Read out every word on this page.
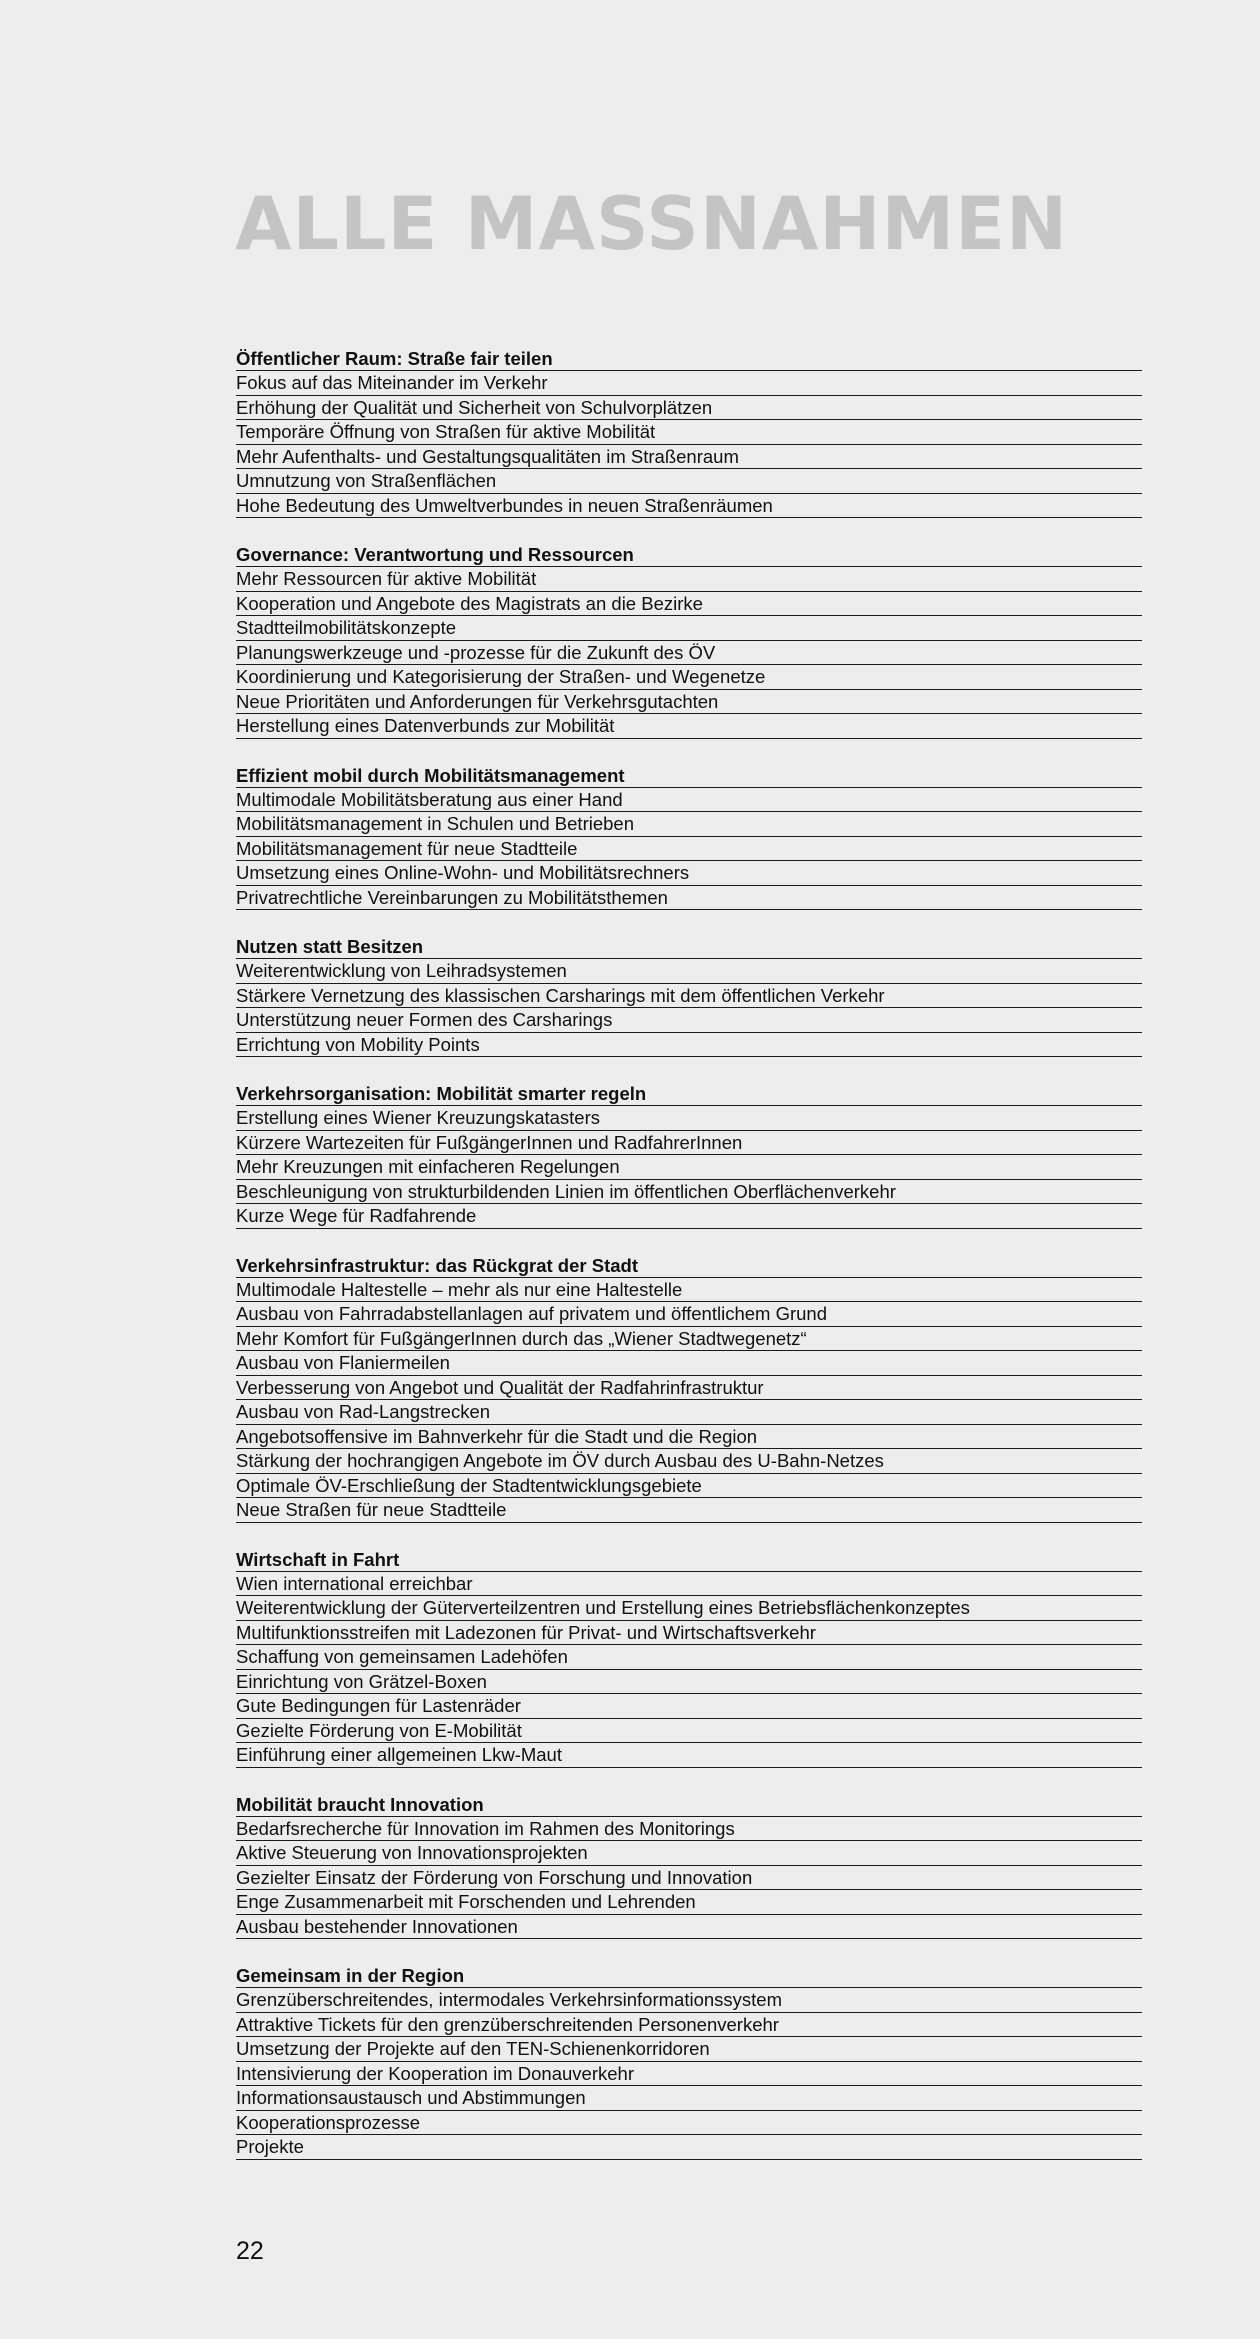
ALLE MASSNAHMEN
Öffentlicher Raum: Straße fair teilen
Fokus auf das Miteinander im Verkehr
Erhöhung der Qualität und Sicherheit von Schulvorplätzen
Temporäre Öffnung von Straßen für aktive Mobilität
Mehr Aufenthalts- und Gestaltungsqualitäten im Straßenraum
Umnutzung von Straßenflächen
Hohe Bedeutung des Umweltverbundes in neuen Straßenräumen
Governance: Verantwortung und Ressourcen
Mehr Ressourcen für aktive Mobilität
Kooperation und Angebote des Magistrats an die Bezirke
Stadtteilmobilitätskonzepte
Planungswerkzeuge und -prozesse für die Zukunft des ÖV
Koordinierung und Kategorisierung der Straßen- und Wegenetze
Neue Prioritäten und Anforderungen für Verkehrsgutachten
Herstellung eines Datenverbunds zur Mobilität
Effizient mobil durch Mobilitätsmanagement
Multimodale Mobilitätsberatung aus einer Hand
Mobilitätsmanagement in Schulen und Betrieben
Mobilitätsmanagement für neue Stadtteile
Umsetzung eines Online-Wohn- und Mobilitätsrechners
Privatrechtliche Vereinbarungen zu Mobilitätsthemen
Nutzen statt Besitzen
Weiterentwicklung von Leihradsystemen
Stärkere Vernetzung des klassischen Carsharings mit dem öffentlichen Verkehr
Unterstützung neuer Formen des Carsharings
Errichtung von Mobility Points
Verkehrsorganisation: Mobilität smarter regeln
Erstellung eines Wiener Kreuzungskatasters
Kürzere Wartezeiten für FußgängerInnen und RadfahrerInnen
Mehr Kreuzungen mit einfacheren Regelungen
Beschleunigung von strukturbildenden Linien im öffentlichen Oberflächenverkehr
Kurze Wege für Radfahrende
Verkehrsinfrastruktur: das Rückgrat der Stadt
Multimodale Haltestelle – mehr als nur eine Haltestelle
Ausbau von Fahrradabstellanlagen auf privatem und öffentlichem Grund
Mehr Komfort für FußgängerInnen durch das „Wiener Stadtwegenetz“
Ausbau von Flaniermeilen
Verbesserung von Angebot und Qualität der Radfahrinfrastruktur
Ausbau von Rad-Langstrecken
Angebotsoffensive im Bahnverkehr für die Stadt und die Region
Stärkung der hochrangigen Angebote im ÖV durch Ausbau des U-Bahn-Netzes
Optimale ÖV-Erschließung der Stadtentwicklungsgebiete
Neue Straßen für neue Stadtteile
Wirtschaft in Fahrt
Wien international erreichbar
Weiterentwicklung der Güterverteilzentren und Erstellung eines Betriebsflächenkonzeptes
Multifunktionsstreifen mit Ladezonen für Privat- und Wirtschaftsverkehr
Schaffung von gemeinsamen Ladehöfen
Einrichtung von Grätzel-Boxen
Gute Bedingungen für Lastenräder
Gezielte Förderung von E-Mobilität
Einführung einer allgemeinen Lkw-Maut
Mobilität braucht Innovation
Bedarfsrecherche für Innovation im Rahmen des Monitorings
Aktive Steuerung von Innovationsprojekten
Gezielter Einsatz der Förderung von Forschung und Innovation
Enge Zusammenarbeit mit Forschenden und Lehrenden
Ausbau bestehender Innovationen
Gemeinsam in der Region
Grenzüberschreitendes, intermodales Verkehrsinformationssystem
Attraktive Tickets für den grenzüberschreitenden Personenverkehr
Umsetzung der Projekte auf den TEN-Schienenkorridoren
Intensivierung der Kooperation im Donauverkehr
Informationsaustausch und Abstimmungen
Kooperationsprozesse
Projekte
22
